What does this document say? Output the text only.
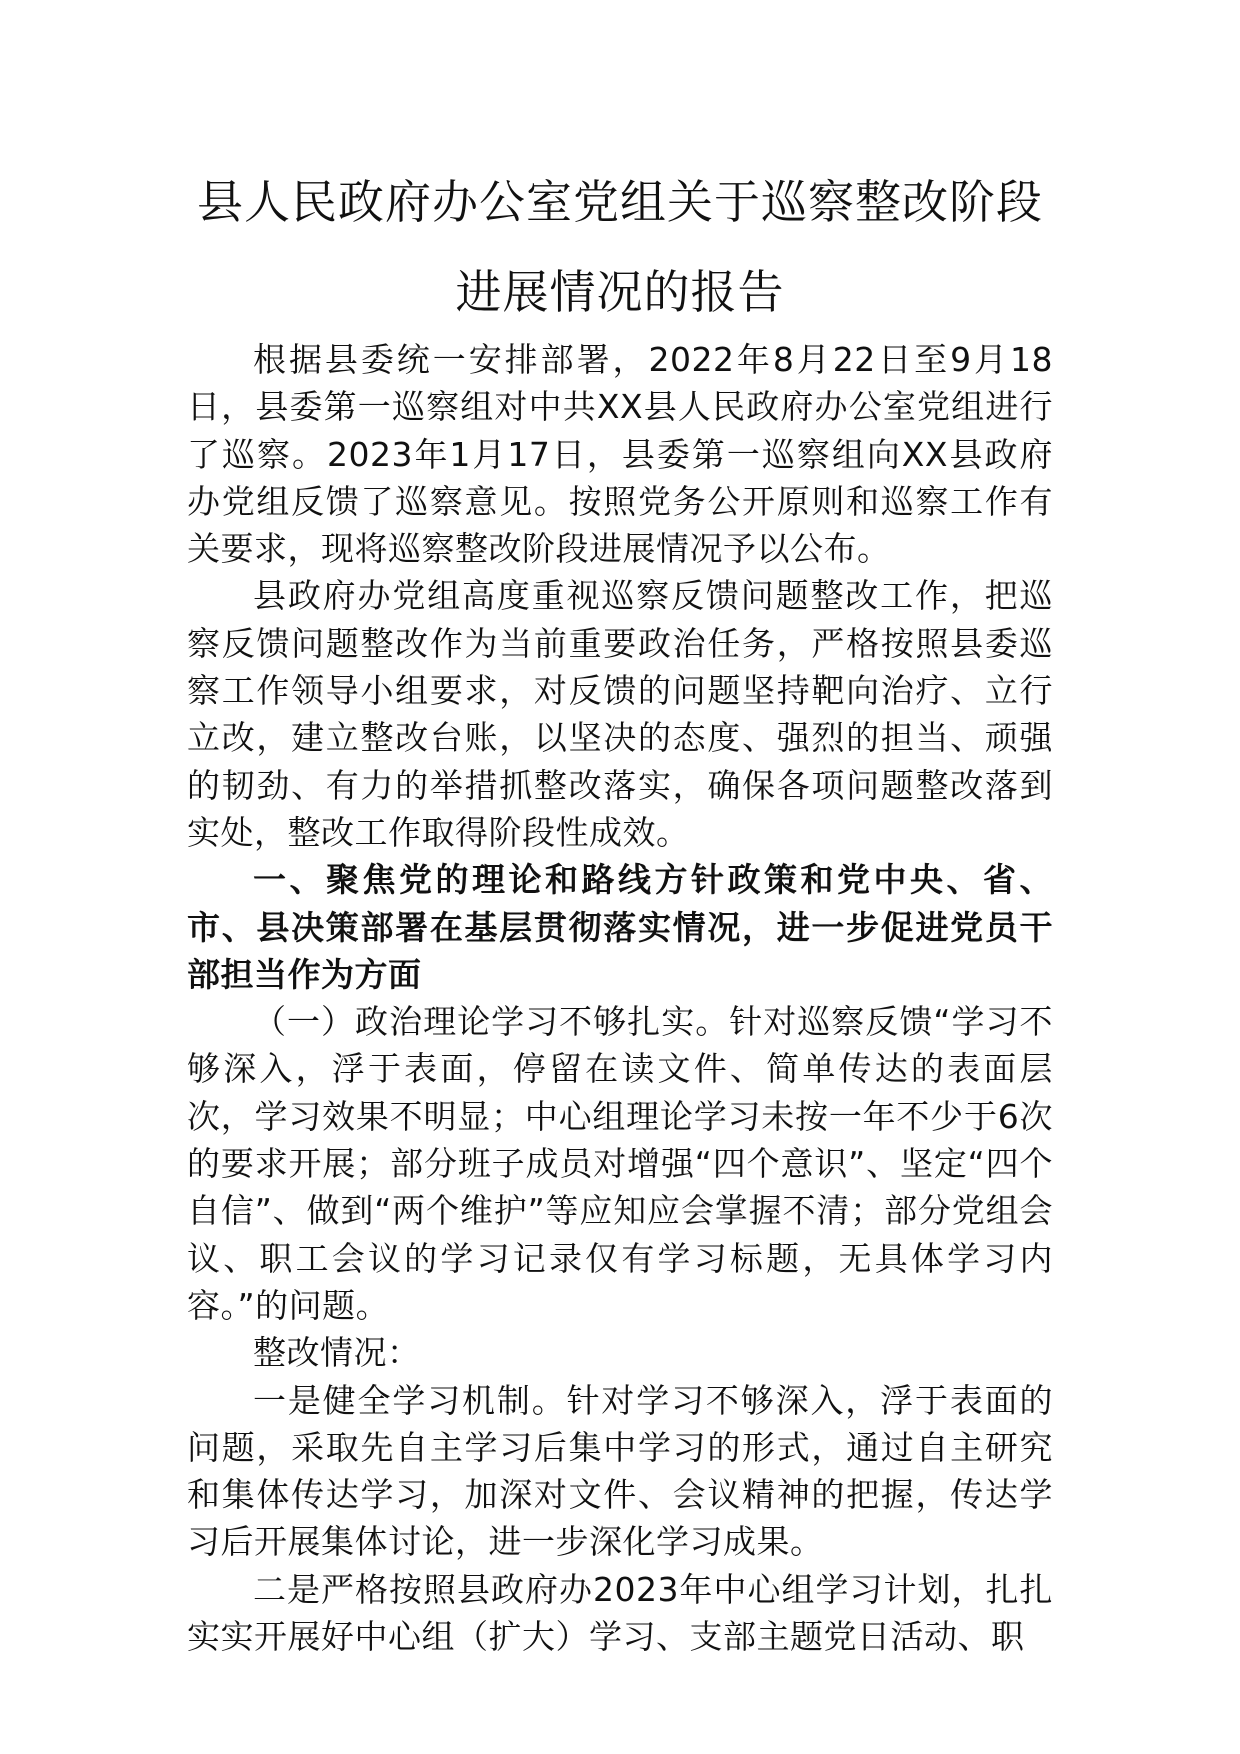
县人民政府办公室党组关于巡察整改阶段
进展情况的报告

根据县委统一安排部署，2022年8月22日至9月18日，县委第一巡察组对中共XX县人民政府办公室党组进行了巡察。2023年1月17日，县委第一巡察组向XX县政府办党组反馈了巡察意见。按照党务公开原则和巡察工作有关要求，现将巡察整改阶段进展情况予以公布。

县政府办党组高度重视巡察反馈问题整改工作，把巡察反馈问题整改作为当前重要政治任务，严格按照县委巡察工作领导小组要求，对反馈的问题坚持靶向治疗、立行立改，建立整改台账，以坚决的态度、强烈的担当、顽强的韧劲、有力的举措抓整改落实，确保各项问题整改落到实处，整改工作取得阶段性成效。

一、聚焦党的理论和路线方针政策和党中央、省、市、县决策部署在基层贯彻落实情况，进一步促进党员干部担当作为方面

（一）政治理论学习不够扎实。针对巡察反馈“学习不够深入，浮于表面，停留在读文件、简单传达的表面层次，学习效果不明显；中心组理论学习未按一年不少于6次的要求开展；部分班子成员对增强“四个意识”、坚定“四个自信”、做到“两个维护”等应知应会掌握不清；部分党组会议、职工会议的学习记录仅有学习标题，无具体学习内容。”的问题。

整改情况：

一是健全学习机制。针对学习不够深入，浮于表面的问题，采取先自主学习后集中学习的形式，通过自主研究和集体传达学习，加深对文件、会议精神的把握，传达学习后开展集体讨论，进一步深化学习成果。

二是严格按照县政府办2023年中心组学习计划，扎扎实实开展好中心组（扩大）学习、支部主题党日活动、职
